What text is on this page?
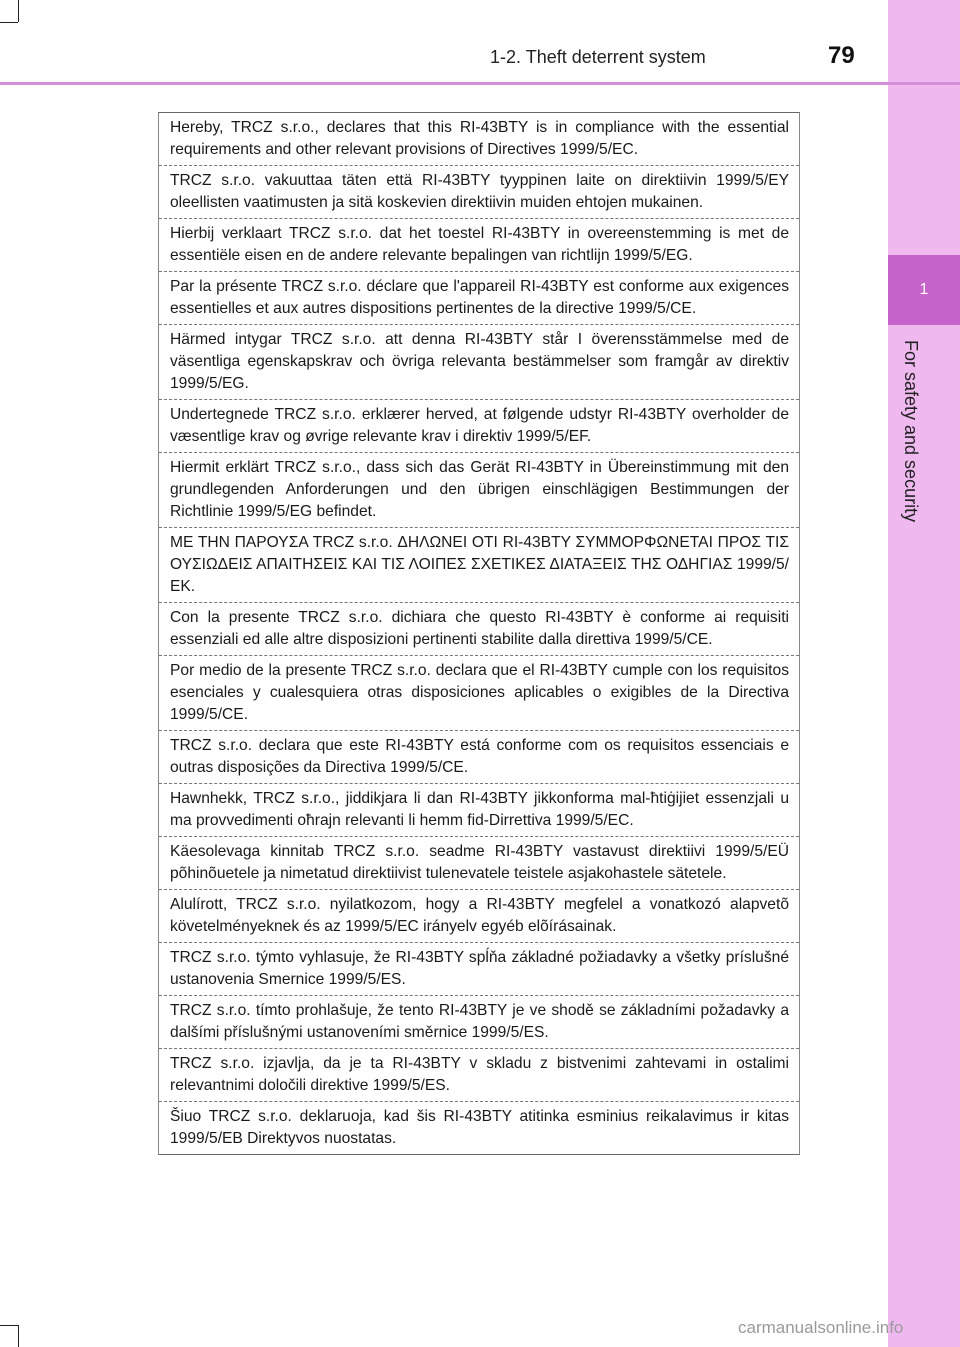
1
For safety and security
1-2. Theft deterrent system	79
Hereby, TRCZ s.r.o., declares that this RI-43BTY is in compliance with the essential requirements and other relevant provisions of Directives 1999/5/EC.
TRCZ s.r.o. vakuuttaa täten että RI-43BTY tyyppinen laite on direktiivin 1999/5/EY oleellisten vaatimusten ja sitä koskevien direktiivin muiden ehtojen mukainen.
Hierbij verklaart TRCZ s.r.o. dat het toestel RI-43BTY in overeenstemming is met de essentiële eisen en de andere relevante bepalingen van richtlijn 1999/5/EG.
Par la présente TRCZ s.r.o. déclare que l'appareil RI-43BTY est conforme aux exigences essentielles et aux autres dispositions pertinentes de la directive 1999/5/CE.
Härmed intygar TRCZ s.r.o. att denna RI-43BTY står I överensstämmelse med de väsentliga egenskapskrav och övriga relevanta bestämmelser som framgår av direktiv 1999/5/EG.
Undertegnede TRCZ s.r.o. erklærer herved, at følgende udstyr RI-43BTY overholder de væsentlige krav og øvrige relevante krav i direktiv 1999/5/EF.
Hiermit erklärt TRCZ s.r.o., dass sich das Gerät RI-43BTY in Übereinstimmung mit den grundlegenden Anforderungen und den übrigen einschlägigen Bestimmungen der Richtlinie 1999/5/EG befindet.
ΜΕ ΤΗΝ ΠΑΡΟΥΣΑ TRCZ s.r.o. ΔΗΛΩΝΕΙ ΟΤΙ RI-43BTY ΣΥΜΜΟΡΦΩΝΕΤΑΙ ΠΡΟΣ ΤΙΣ ΟΥΣΙΩΔΕΙΣ ΑΠΑΙΤΗΣΕΙΣ ΚΑΙ ΤΙΣ ΛΟΙΠΕΣ ΣΧΕΤΙΚΕΣ ΔΙΑΤΑΞΕΙΣ ΤΗΣ ΟΔΗΓΙΑΣ 1999/5/ΕΚ.
Con la presente TRCZ s.r.o. dichiara che questo RI-43BTY è conforme ai requisiti essenziali ed alle altre disposizioni pertinenti stabilite dalla direttiva 1999/5/CE.
Por medio de la presente TRCZ s.r.o. declara que el RI-43BTY cumple con los requisitos esenciales y cualesquiera otras disposiciones aplicables o exigibles de la Directiva 1999/5/CE.
TRCZ s.r.o. declara que este RI-43BTY está conforme com os requisitos essenciais e outras disposições da Directiva 1999/5/CE.
Hawnhekk, TRCZ s.r.o., jiddikjara li dan RI-43BTY jikkonforma mal-ħtiġijiet essenzjali u ma provvedimenti oħrajn relevanti li hemm fid-Dirrettiva 1999/5/EC.
Käesolevaga kinnitab TRCZ s.r.o. seadme RI-43BTY vastavust direktiivi 1999/5/EÜ põhinõuetele ja nimetatud direktiivist tulenevatele teistele asjakohastele sätetele.
Alulírott, TRCZ s.r.o. nyilatkozom, hogy a RI-43BTY megfelel a vonatkozó alapvetõ követelményeknek és az 1999/5/EC irányelv egyéb elõírásainak.
TRCZ s.r.o. týmto vyhlasuje, že RI-43BTY spĺňa základné požiadavky a všetky príslušné ustanovenia Smernice 1999/5/ES.
TRCZ s.r.o. tímto prohlašuje, že tento RI-43BTY je ve shodě se základními požadavky a dalšími příslušnými ustanoveními směrnice 1999/5/ES.
TRCZ s.r.o. izjavlja, da je ta RI-43BTY v skladu z bistvenimi zahtevami in ostalimi relevantnimi določili direktive 1999/5/ES.
Šiuo TRCZ s.r.o. deklaruoja, kad šis RI-43BTY atitinka esminius reikalavimus ir kitas 1999/5/EB Direktyvos nuostatas.
carmanualsonline.info
